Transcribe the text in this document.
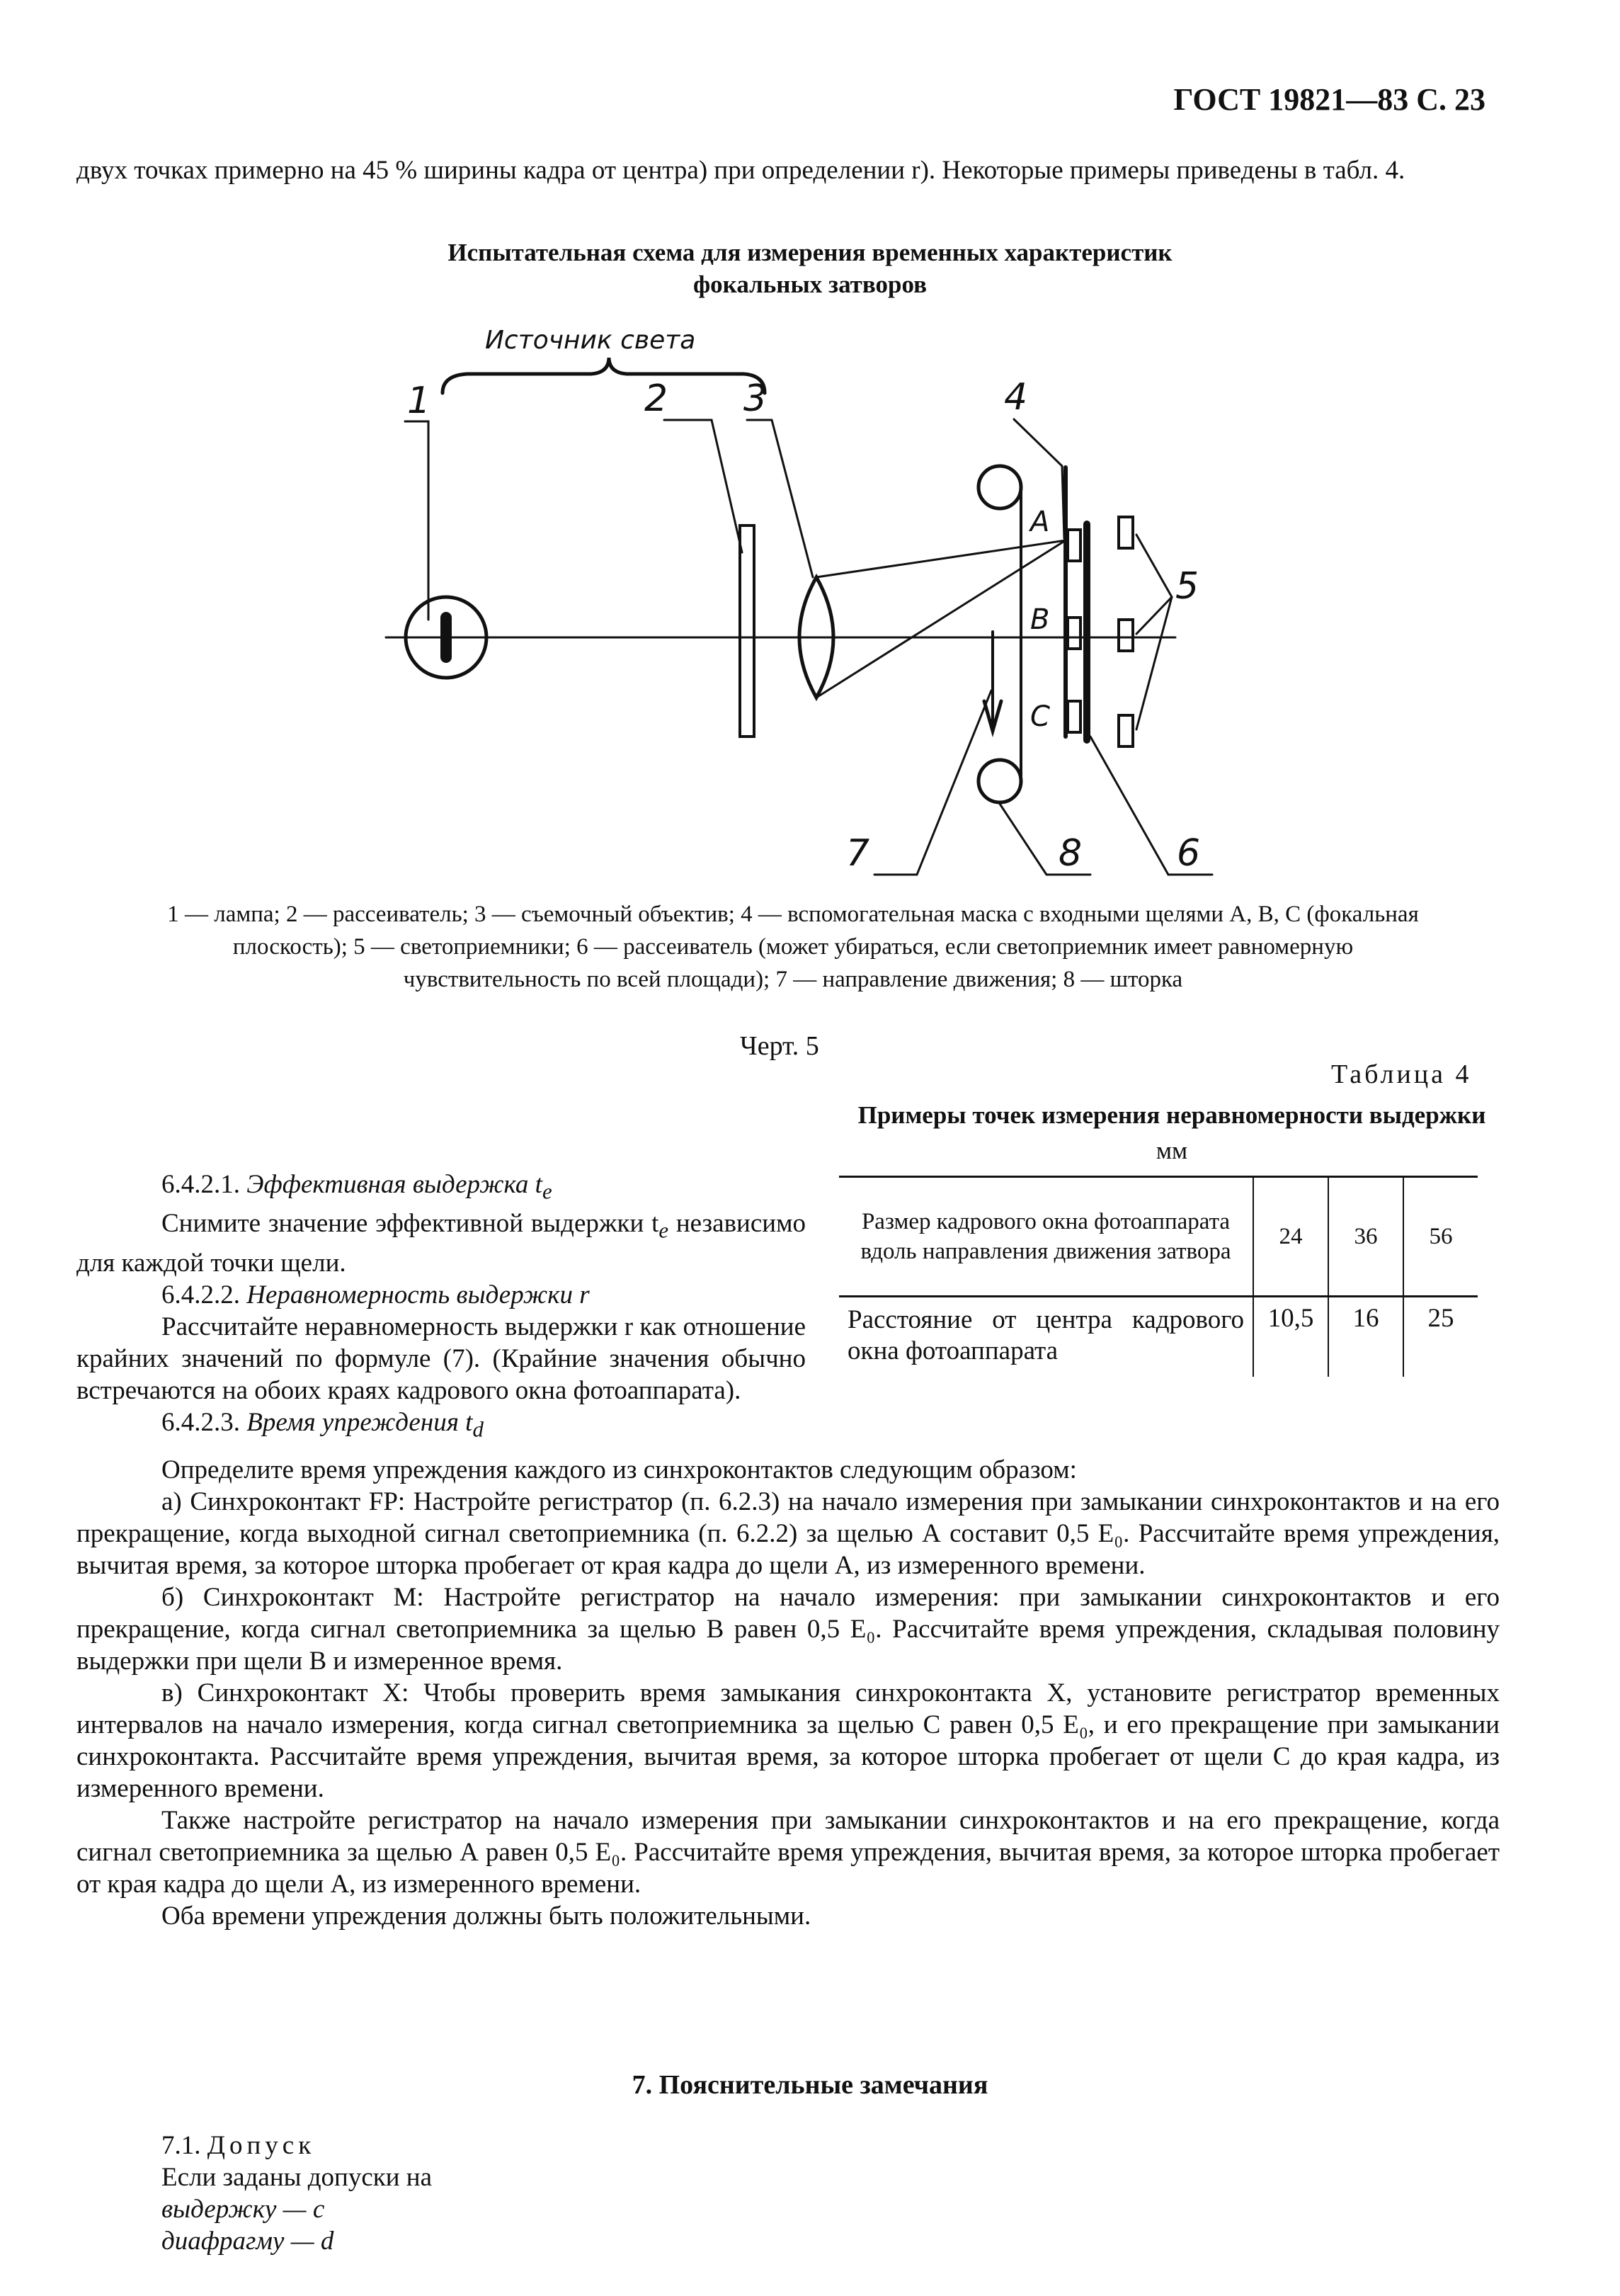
ГОСТ 19821—83 С. 23
двух точках примерно на 45 % ширины кадра от центра) при определении r). Некоторые примеры приведены в табл. 4.
Испытательная схема для измерения временных характеристик
фокальных затворов
Источник света
1	2 3	4
5
6
7	8
A
B
C
1 — лампа; 2 — рассеиватель; 3 — съемочный объектив; 4 — вспомогательная маска с входными щелями А, В, С (фокальная плоскость); 5 — светоприемники; 6 — рассеиватель (может убираться, если светоприемник имеет равномерную чувствительность по всей площади); 7 — направление движения; 8 — шторка
Черт. 5
Таблица 4
Примеры точек измерения неравномерности выдержки
мм
Размер кадрового окна фотоаппарата вдоль направления движения затвора	24	36	56
Расстояние от центра кадрового окна фотоаппарата	10,5	16	25
6.4.2.1. Эффективная выдержка $t_e$
Снимите значение эффективной выдержки $t_e$ независимо для каждой точки щели.
6.4.2.2. Неравномерность выдержки r
Рассчитайте неравномерность выдержки r как отношение крайних значений по формуле (7). (Крайние значения обычно встречаются на обоих краях кадрового окна фотоаппарата).
6.4.2.3. Время упреждения $t_d$
Определите время упреждения каждого из синхроконтактов следующим образом:
а) Синхроконтакт FP: Настройте регистратор (п. 6.2.3) на начало измерения при замыкании синхроконтактов и на его прекращение, когда выходной сигнал светоприемника (п. 6.2.2) за щелью А составит 0,5 E₀. Рассчитайте время упреждения, вычитая время, за которое шторка пробегает от края кадра до щели А, из измеренного времени.
б) Синхроконтакт М: Настройте регистратор на начало измерения: при замыкании синхроконтактов и его прекращение, когда сигнал светоприемника за щелью В равен 0,5 E₀. Рассчитайте время упреждения, складывая половину выдержки при щели В и измеренное время.
в) Синхроконтакт X: Чтобы проверить время замыкания синхроконтакта X, установите регистратор временных интервалов на начало измерения, когда сигнал светоприемника за щелью С равен 0,5 E₀, и его прекращение при замыкании синхроконтакта. Рассчитайте время упреждения, вычитая время, за которое шторка пробегает от щели С до края кадра, из измеренного времени.
Также настройте регистратор на начало измерения при замыкании синхроконтактов и на его прекращение, когда сигнал светоприемника за щелью А равен 0,5 E₀. Рассчитайте время упреждения, вычитая время, за которое шторка пробегает от края кадра до щели А, из измеренного времени.
Оба времени упреждения должны быть положительными.
7. Пояснительные замечания
7.1. Допуск
Если заданы допуски на
выдержку — c
диафрагму — d
